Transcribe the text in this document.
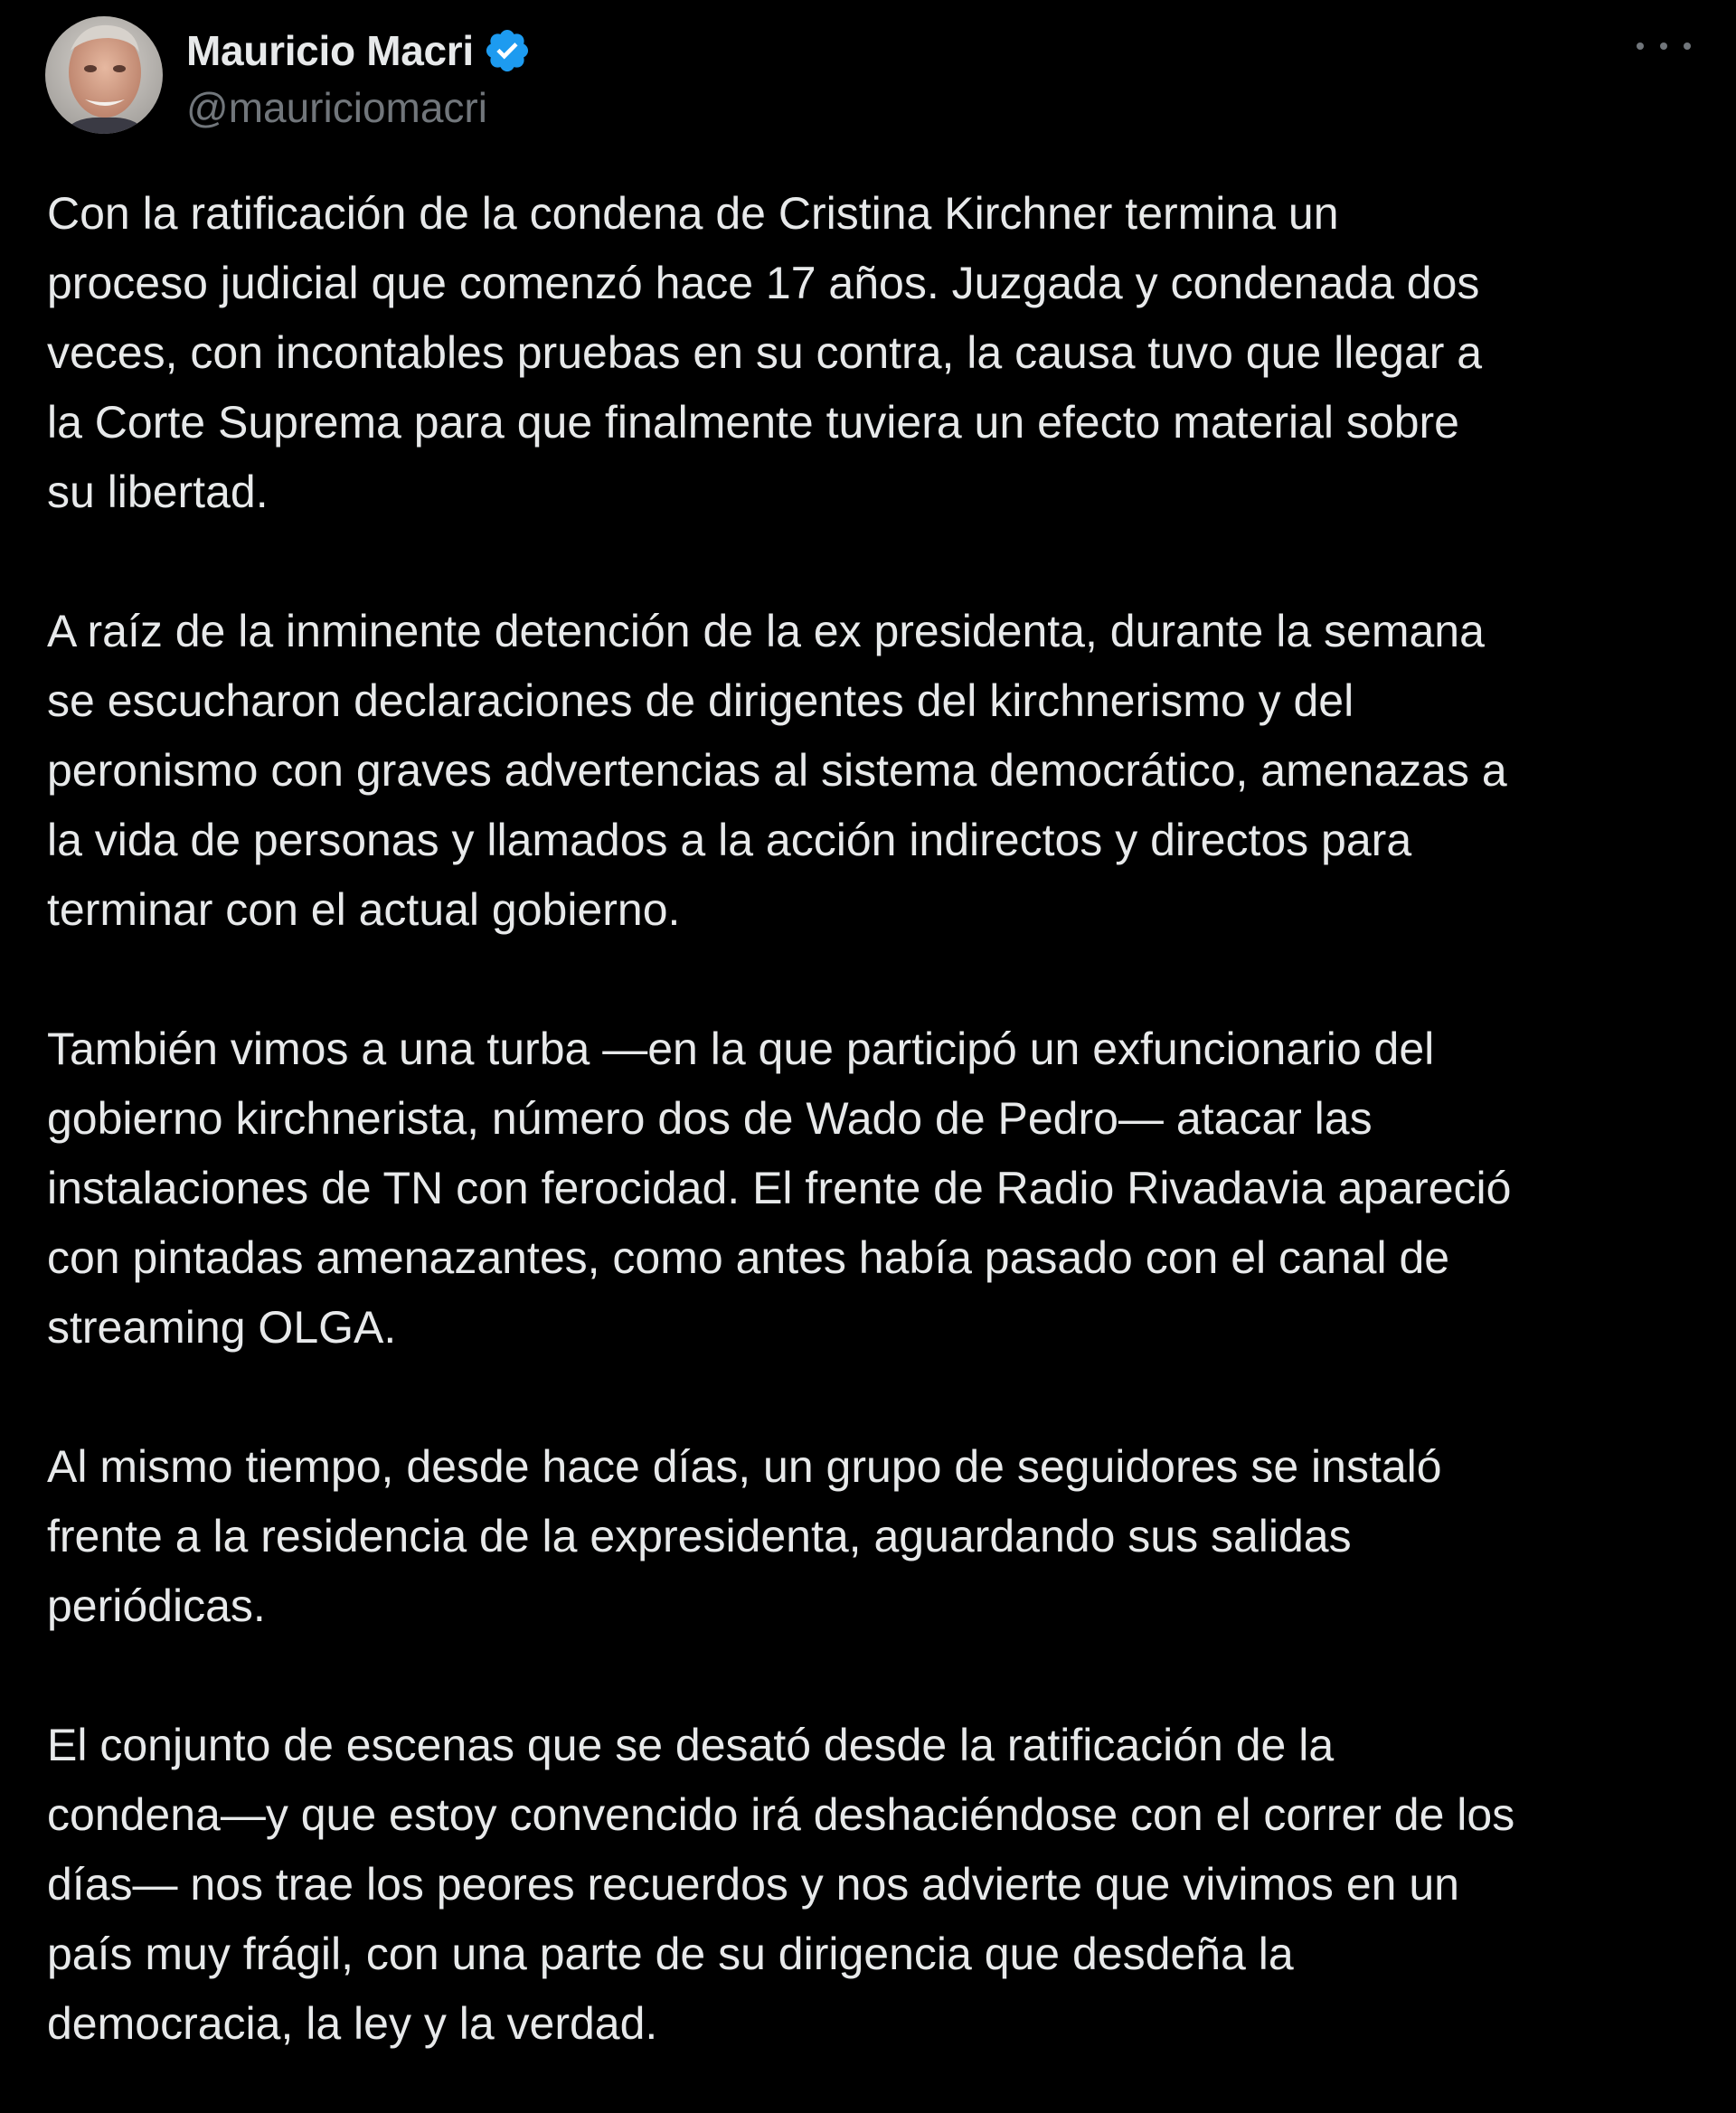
Mauricio Macri
@mauriciomacri

Con la ratificación de la condena de Cristina Kirchner termina un
proceso judicial que comenzó hace 17 años. Juzgada y condenada dos
veces, con incontables pruebas en su contra, la causa tuvo que llegar a
la Corte Suprema para que finalmente tuviera un efecto material sobre
su libertad.

A raíz de la inminente detención de la ex presidenta, durante la semana
se escucharon declaraciones de dirigentes del kirchnerismo y del
peronismo con graves advertencias al sistema democrático, amenazas a
la vida de personas y llamados a la acción indirectos y directos para
terminar con el actual gobierno.

También vimos a una turba —en la que participó un exfuncionario del
gobierno kirchnerista, número dos de Wado de Pedro— atacar las
instalaciones de TN con ferocidad. El frente de Radio Rivadavia apareció
con pintadas amenazantes, como antes había pasado con el canal de
streaming OLGA.

Al mismo tiempo, desde hace días, un grupo de seguidores se instaló
frente a la residencia de la expresidenta, aguardando sus salidas
periódicas.

El conjunto de escenas que se desató desde la ratificación de la
condena—y que estoy convencido irá deshaciéndose con el correr de los
días— nos trae los peores recuerdos y nos advierte que vivimos en un
país muy frágil, con una parte de su dirigencia que desdeña la
democracia, la ley y la verdad.
